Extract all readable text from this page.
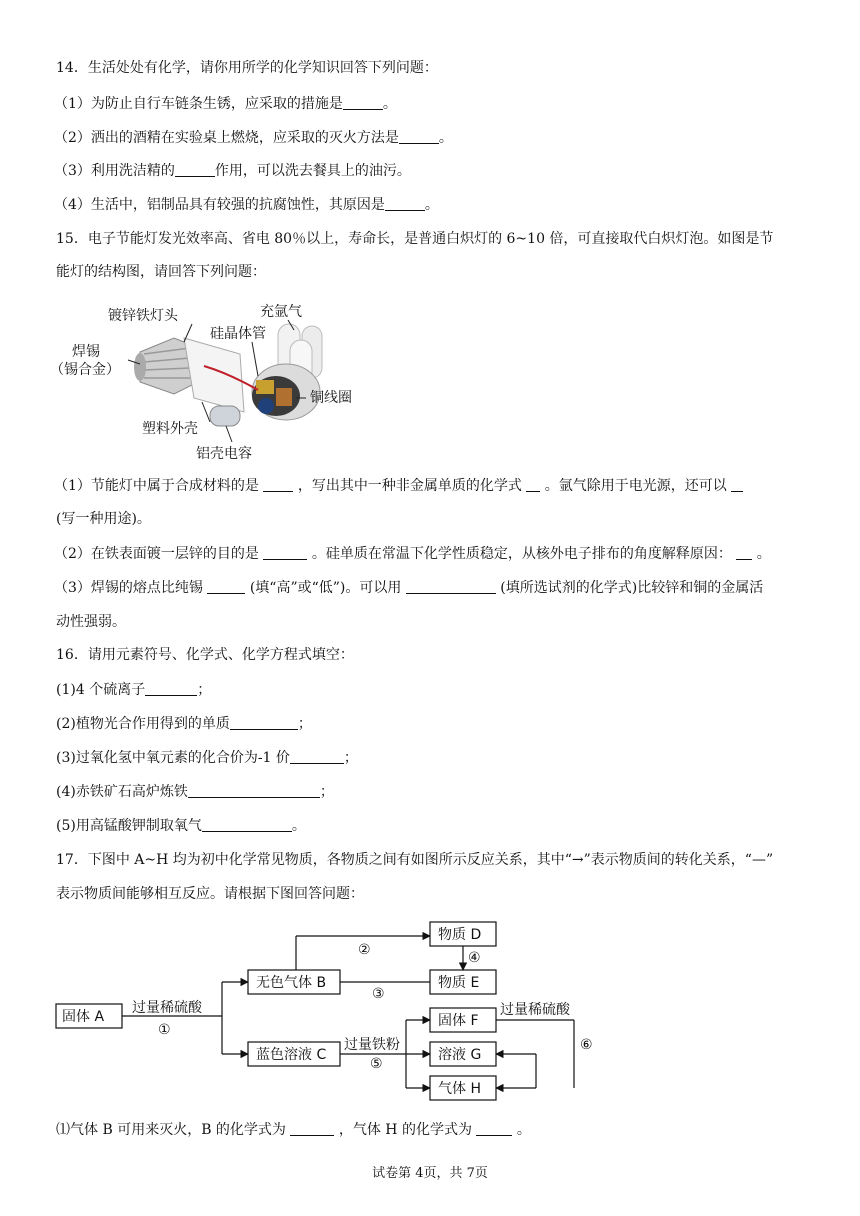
14．生活处处有化学，请你用所学的化学知识回答下列问题：
（1）为防止自行车链条生锈，应采取的措施是	。
（2）洒出的酒精在实验桌上燃烧，应采取的灭火方法是	。
（3）利用洗洁精的	作用，可以洗去餐具上的油污。
（4）生活中，铝制品具有较强的抗腐蚀性，其原因是	。
15．电子节能灯发光效率高、省电 80％以上，寿命长，是普通白炽灯的 6~10 倍，可直接取代白炽灯泡。如图是节
能灯的结构图，请回答下列问题：
镀锌铁灯头	充氩气
硅晶体管
焊锡
（锡合金）
铜线圈
塑料外壳
铝壳电容
（1）节能灯中属于合成材料的是	，写出其中一种非金属单质的化学式 。氩气除用于电光源，还可以
(写一种用途)。
（2）在铁表面镀一层锌的目的是	。硅单质在常温下化学性质稳定，从核外电子排布的角度解释原因： 。
（3）焊锡的熔点比纯锡	(填“高”或“低”)。可以用	(填所选试剂的化学式)比较锌和铜的金属活
动性强弱。
16．请用元素符号、化学式、化学方程式填空：
(1)4 个硫离子	；
(2)植物光合作用得到的单质	；
(3)过氧化氢中氧元素的化合价为-1 价	；
(4)赤铁矿石高炉炼铁	；
(5)用高锰酸钾制取氧气	。
17．下图中 A~H 均为初中化学常见物质，各物质之间有如图所示反应关系，其中“→”表示物质间的转化关系，“—”
表示物质间能够相互反应。请根据下图回答问题：
固体 A
无色气体 B
蓝色溶液 C
物质 D
物质 E
固体 F
溶液 G
气体 H
过量稀硫酸
①
②
③
④
过量铁粉
⑤
过量稀硫酸
⑥
⑴气体 B 可用来灭火，B 的化学式为	，气体 H 的化学式为	。
试卷第 4页，共 7页
